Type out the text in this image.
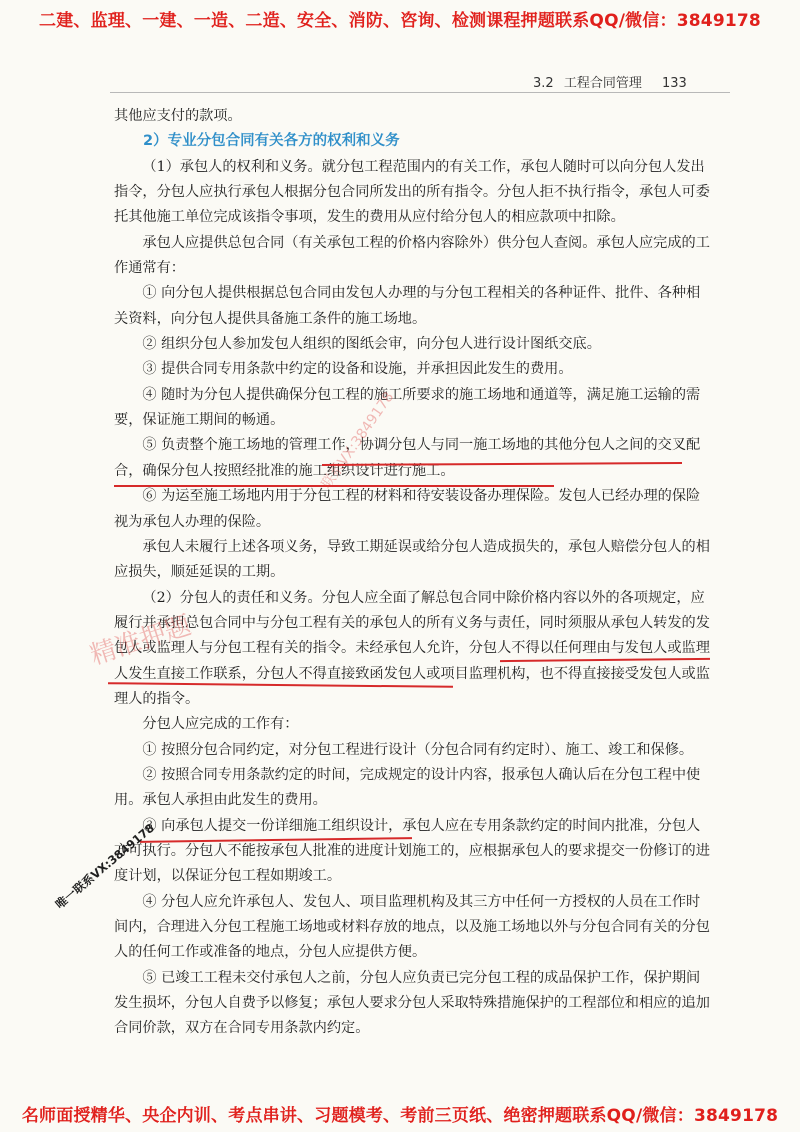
二建、监理、一建、一造、二造、安全、消防、咨询、检测课程押题联系QQ/微信：3849178
3.2 工程合同管理 133

其他应支付的款项。

2）专业分包合同有关各方的权利和义务

（1）承包人的权利和义务。就分包工程范围内的有关工作，承包人随时可以向分包人发出指令，分包人应执行承包人根据分包合同所发出的所有指令。分包人拒不执行指令，承包人可委托其他施工单位完成该指令事项，发生的费用从应付给分包人的相应款项中扣除。

承包人应提供总包合同（有关承包工程的价格内容除外）供分包人查阅。承包人应完成的工作通常有：

① 向分包人提供根据总包合同由发包人办理的与分包工程相关的各种证件、批件、各种相关资料，向分包人提供具备施工条件的施工场地。

② 组织分包人参加发包人组织的图纸会审，向分包人进行设计图纸交底。

③ 提供合同专用条款中约定的设备和设施，并承担因此发生的费用。

④ 随时为分包人提供确保分包工程的施工所要求的施工场地和通道等，满足施工运输的需要，保证施工期间的畅通。

⑤ 负责整个施工场地的管理工作，协调分包人与同一施工场地的其他分包人之间的交叉配合，确保分包人按照经批准的施工组织设计进行施工。

⑥ 为运至施工场地内用于分包工程的材料和待安装设备办理保险。发包人已经办理的保险视为承包人办理的保险。

承包人未履行上述各项义务，导致工期延误或给分包人造成损失的，承包人赔偿分包人的相应损失，顺延延误的工期。

（2）分包人的责任和义务。分包人应全面了解总包合同中除价格内容以外的各项规定，应履行并承担总包合同中与分包工程有关的承包人的所有义务与责任，同时须服从承包人转发的发包人或监理人与分包工程有关的指令。未经承包人允许，分包人不得以任何理由与发包人或监理人发生直接工作联系，分包人不得直接致函发包人或项目监理机构，也不得直接接受发包人或监理人的指令。

分包人应完成的工作有：

① 按照分包合同约定，对分包工程进行设计（分包合同有约定时）、施工、竣工和保修。

② 按照合同专用条款约定的时间，完成规定的设计内容，报承包人确认后在分包工程中使用。承包人承担由此发生的费用。

③ 向承包人提交一份详细施工组织设计，承包人应在专用条款约定的时间内批准，分包人方可执行。分包人不能按承包人批准的进度计划施工的，应根据承包人的要求提交一份修订的进度计划，以保证分包工程如期竣工。

④ 分包人应允许承包人、发包人、项目监理机构及其三方中任何一方授权的人员在工作时间内，合理进入分包工程施工场地或材料存放的地点，以及施工场地以外与分包合同有关的分包人的任何工作或准备的地点，分包人应提供方便。

⑤ 已竣工工程未交付承包人之前，分包人应负责已完分包工程的成品保护工作，保护期间发生损坏，分包人自费予以修复；承包人要求分包人采取特殊措施保护的工程部位和相应的追加合同价款，双方在合同专用条款内约定。

精准押题
联系VX:3849178
唯一联系VX:3849178
名师面授精华、央企内训、考点串讲、习题模考、考前三页纸、绝密押题联系QQ/微信：3849178
